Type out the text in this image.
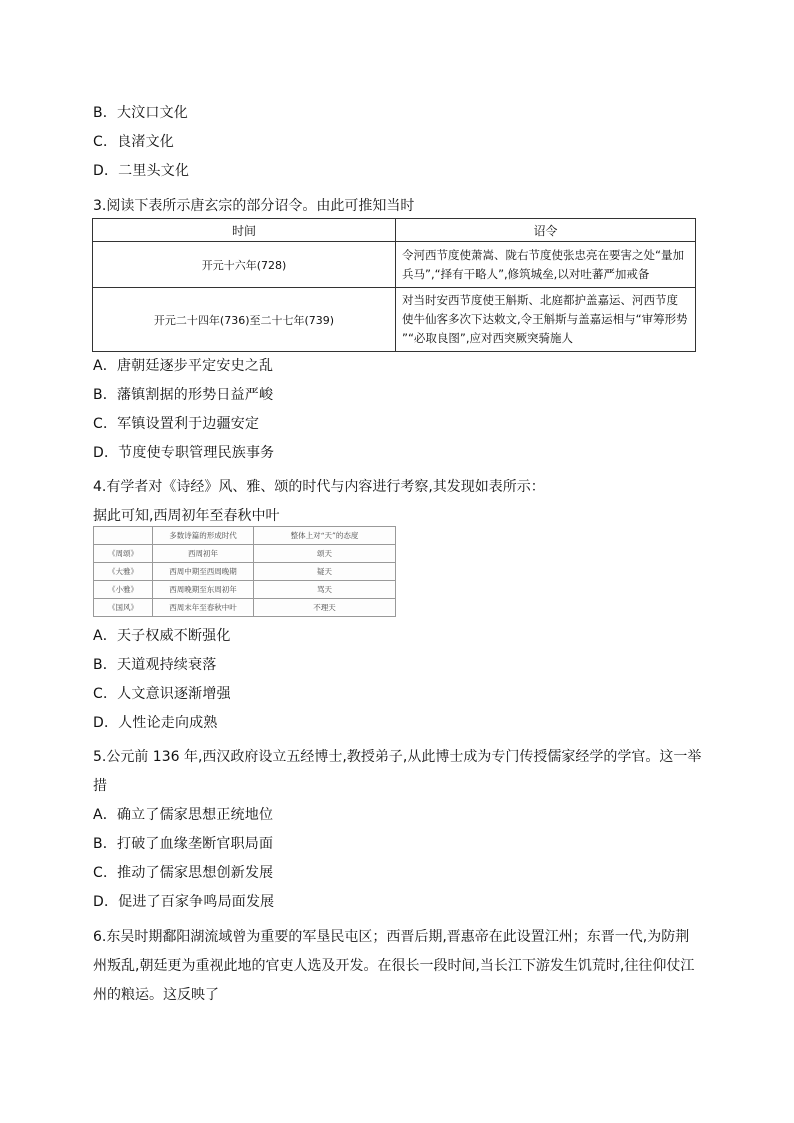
B．大汶口文化
C．良渚文化
D．二里头文化
3.阅读下表所示唐玄宗的部分诏令。由此可推知当时
时间	诏令
开元十六年(728)	令河西节度使萧嵩、陇右节度使张忠亮在要害之处“量加
兵马”,“择有干略人”,修筑城垒,以对吐蕃严加戒备

开元二十四年(736)至二十七年(739)	对当时安西节度使王斛斯、北庭都护盖嘉运、河西节度
使牛仙客多次下达敕文,令王斛斯与盖嘉运相与“审筹形势
”“必取良图”,应对西突厥突骑施人
A．唐朝廷逐步平定安史之乱
B．藩镇割据的形势日益严峻
C．军镇设置利于边疆安定
D．节度使专职管理民族事务
4.有学者对《诗经》风、雅、颂的时代与内容进行考察,其发现如表所示：
据此可知,西周初年至春秋中叶
	多数诗篇的形成时代	整体上对“天”的态度
《周颂》	西周初年	颂天
《大雅》	西周中期至西周晚期	疑天
《小雅》	西周晚期至东周初年	骂天
《国风》	西周末年至春秋中叶	不理天
A．天子权威不断强化
B．天道观持续衰落
C．人文意识逐渐增强
D．人性论走向成熟
5.公元前 136 年,西汉政府设立五经博士,教授弟子,从此博士成为专门传授儒家经学的学官。这一举
措
A．确立了儒家思想正统地位
B．打破了血缘垄断官职局面
C．推动了儒家思想创新发展
D．促进了百家争鸣局面发展
6.东吴时期鄱阳湖流域曾为重要的军垦民屯区；西晋后期,晋惠帝在此设置江州；东晋一代,为防荆
州叛乱,朝廷更为重视此地的官吏人选及开发。在很长一段时间,当长江下游发生饥荒时,往往仰仗江
州的粮运。这反映了
